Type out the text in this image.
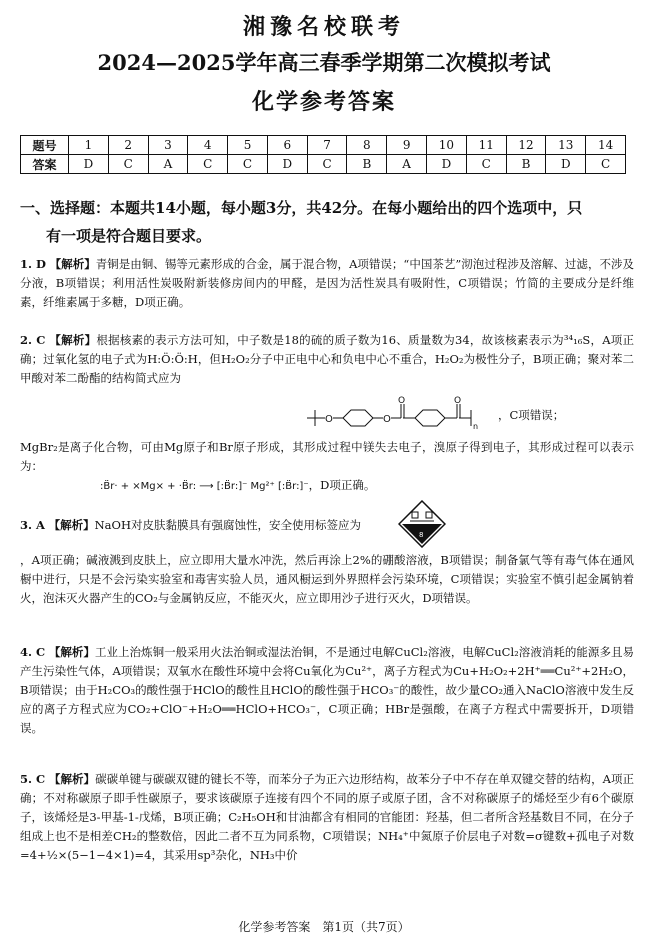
湘豫名校联考
2024—2025学年高三春季学期第二次模拟考试
化学参考答案
题号	1	2	3	4	5	6	7	8	9	10	11	12	13	14
答案	D	C	A	C	C	D	C	B	A	D	C	B	D	C
一、选择题：本题共14小题，每小题3分，共42分。在每小题给出的四个选项中，只
有一项是符合题目要求。
1. D 【解析】青铜是由铜、锡等元素形成的合金，属于混合物，A项错误；“中国茶艺”沏泡过程涉及溶解、过滤，不涉及分液，B项错误；利用活性炭吸附新装修房间内的甲醛，是因为活性炭具有吸附性，C项错误；竹简的主要成分是纤维素，纤维素属于多糖，D项正确。
2. C 【解析】根据核素的表示方法可知，中子数是18的硫的质子数为16、质量数为34，故该核素表示为³⁴₁₆S，A项正确；过氧化氢的电子式为H:Ö:Ö:H，但H₂O₂分子中正电中心和负电中心不重合，H₂O₂为极性分子，B项正确；聚对苯二甲酸对苯二酚酯的结构简式应为
O	O
O	O
n
，C项错误；
MgBr₂是离子化合物，可由Mg原子和Br原子形成，其形成过程中镁失去电子，溴原子得到电子，其形成过程可以表示为：
:B̈r· + ×Mg× + ·B̈r: ⟶ [:B̈r:]⁻ Mg²⁺ [:B̈r:]⁻，D项正确。
3. A 【解析】NaOH对皮肤黏膜具有强腐蚀性，安全使用标签应为
8
，A项正确；碱液溅到皮肤上，应立即用大量水冲洗，然后再涂上2%的硼酸溶液，B项错误；制备氯气等有毒气体在通风橱中进行，只是不会污染实验室和毒害实验人员，通风橱运到外界照样会污染环境，C项错误；实验室不慎引起金属钠着火，泡沫灭火器产生的CO₂与金属钠反应，不能灭火，应立即用沙子进行灭火，D项错误。
4. C 【解析】工业上治炼铜一般采用火法治铜或湿法治铜，不是通过电解CuCl₂溶液，电解CuCl₂溶液消耗的能源多且易产生污染性气体，A项错误；双氧水在酸性环境中会将Cu氧化为Cu²⁺，离子方程式为Cu+H₂O₂+2H⁺══Cu²⁺+2H₂O，B项错误；由于H₂CO₃的酸性强于HClO的酸性且HClO的酸性强于HCO₃⁻的酸性，故少量CO₂通入NaClO溶液中发生反应的离子方程式应为CO₂+ClO⁻+H₂O══HClO+HCO₃⁻，C项正确；HBr是强酸，在离子方程式中需要拆开，D项错误。
5. C 【解析】碳碳单键与碳碳双键的键长不等，而苯分子为正六边形结构，故苯分子中不存在单双键交替的结构，A项正确；不对称碳原子即手性碳原子，要求该碳原子连接有四个不同的原子或原子团，含不对称碳原子的烯烃至少有6个碳原子，该烯烃是3-甲基-1-戊烯，B项正确；C₂H₅OH和甘油都含有相同的官能团：羟基，但二者所含羟基数目不同，在分子组成上也不是相差CH₂的整数倍，因此二者不互为同系物，C项错误；NH₄⁺中氮原子价层电子对数=σ键数+孤电子对数=4+½×(5−1−4×1)=4，其采用sp³杂化，NH₃中价
化学参考答案　第1页（共7页）
